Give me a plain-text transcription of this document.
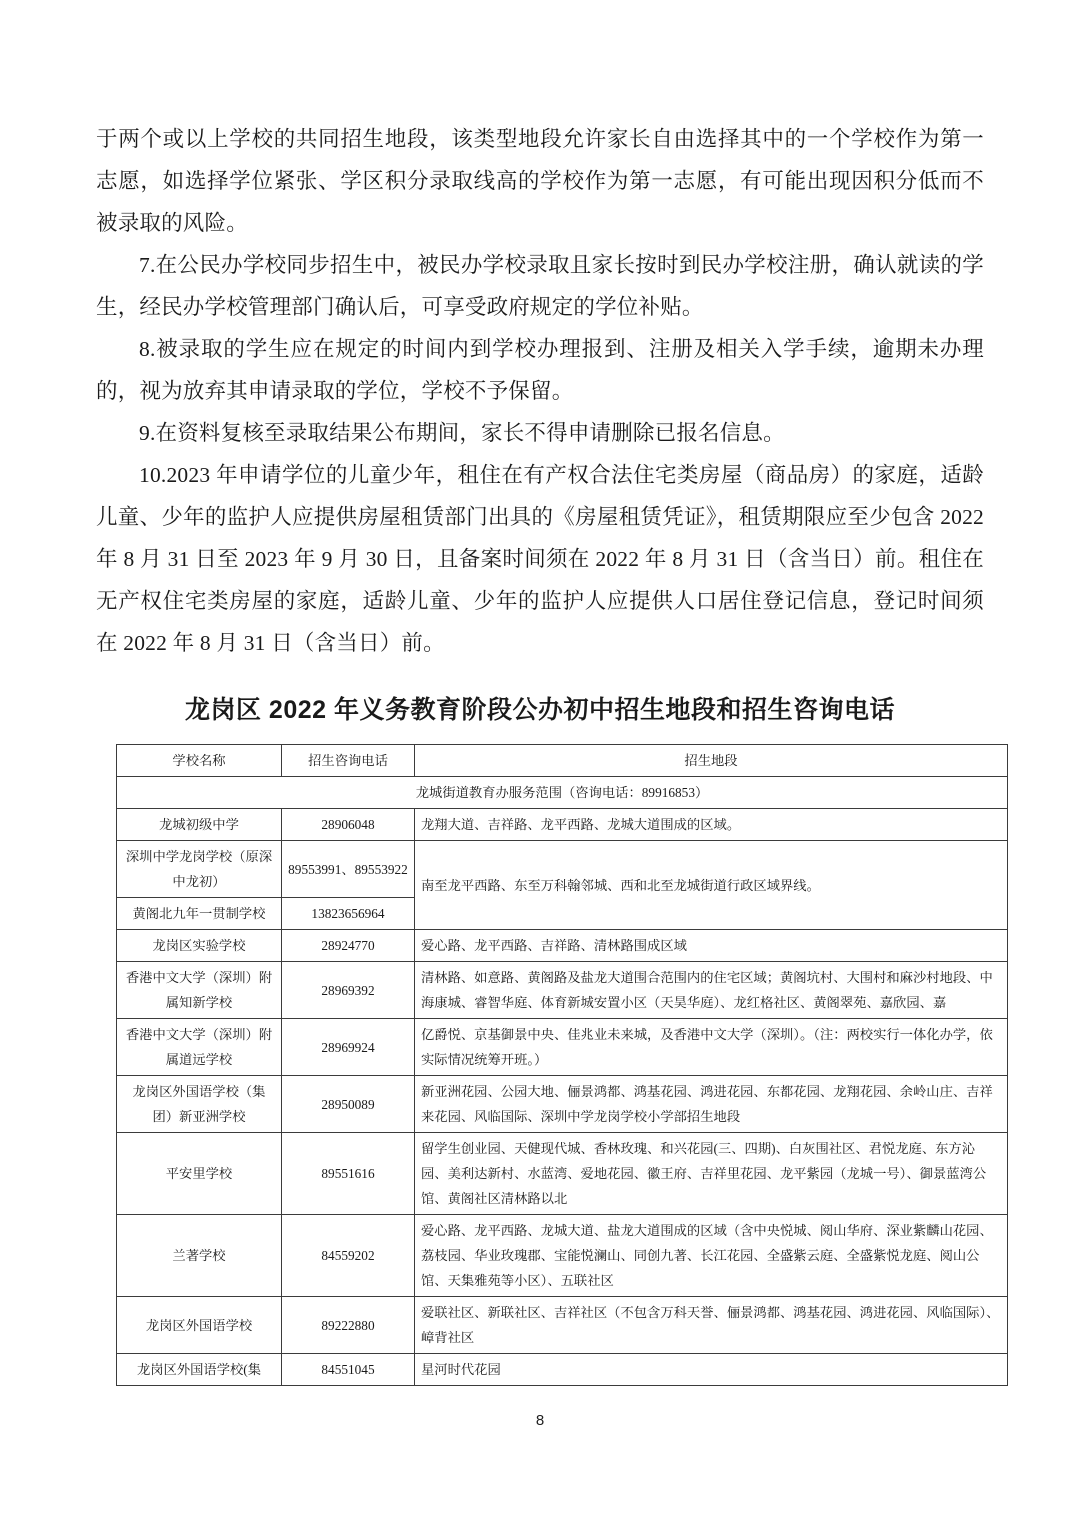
于两个或以上学校的共同招生地段，该类型地段允许家长自由选择其中的一个学校作为第一志愿，如选择学位紧张、学区积分录取线高的学校作为第一志愿，有可能出现因积分低而不被录取的风险。

7.在公民办学校同步招生中，被民办学校录取且家长按时到民办学校注册，确认就读的学生，经民办学校管理部门确认后，可享受政府规定的学位补贴。

8.被录取的学生应在规定的时间内到学校办理报到、注册及相关入学手续，逾期未办理的，视为放弃其申请录取的学位，学校不予保留。

9.在资料复核至录取结果公布期间，家长不得申请删除已报名信息。

10.2023 年申请学位的儿童少年，租住在有产权合法住宅类房屋（商品房）的家庭，适龄儿童、少年的监护人应提供房屋租赁部门出具的《房屋租赁凭证》，租赁期限应至少包含 2022 年 8 月 31 日至 2023 年 9 月 30 日，且备案时间须在 2022 年 8 月 31 日（含当日）前。租住在无产权住宅类房屋的家庭，适龄儿童、少年的监护人应提供人口居住登记信息，登记时间须在 2022 年 8 月 31 日（含当日）前。

龙岗区 2022 年义务教育阶段公办初中招生地段和招生咨询电话
学校名称	招生咨询电话	招生地段
龙城街道教育办服务范围（咨询电话：89916853）		
龙城初级中学	28906048	龙翔大道、吉祥路、龙平西路、龙城大道围成的区域。
深圳中学龙岗学校（原深中龙初）	89553991、89553922	南至龙平西路、东至万科翰邻城、西和北至龙城街道行政区域界线。
黄阁北九年一贯制学校	13823656964	
龙岗区实验学校	28924770	爱心路、龙平西路、吉祥路、清林路围成区域
香港中文大学（深圳）附属知新学校	28969392	清林路、如意路、黄阁路及盐龙大道围合范围内的住宅区域；黄阁坑村、大围村和麻沙村地段、中海康城、睿智华庭、体育新城安置小区（天昊华庭）、龙红格社区、黄阁翠苑、嘉欣园、嘉
香港中文大学（深圳）附属道远学校	28969924	亿爵悦、京基御景中央、佳兆业未来城，及香港中文大学（深圳）。（注：两校实行一体化办学，依实际情况统筹开班。）
龙岗区外国语学校（集团）新亚洲学校	28950089	新亚洲花园、公园大地、俪景鸿都、鸿基花园、鸿进花园、东都花园、龙翔花园、余岭山庄、吉祥来花园、风临国际、深圳中学龙岗学校小学部招生地段
平安里学校	89551616	留学生创业园、天健现代城、香林玫瑰、和兴花园(三、四期)、白灰围社区、君悦龙庭、东方沁园、美利达新村、水蓝湾、爱地花园、徽王府、吉祥里花园、龙平紫园（龙城一号）、御景蓝湾公馆、黄阁社区清林路以北
兰著学校	84559202	爱心路、龙平西路、龙城大道、盐龙大道围成的区域（含中央悦城、阅山华府、深业紫麟山花园、荔枝园、华业玫瑰郡、宝能悦澜山、同创九著、长江花园、全盛紫云庭、全盛紫悦龙庭、阅山公馆、天集雅苑等小区）、五联社区
龙岗区外国语学校	89222880	爱联社区、新联社区、吉祥社区（不包含万科天誉、俪景鸿都、鸿基花园、鸿进花园、风临国际）、嶂背社区
龙岗区外国语学校(集	84551045	星河时代花园
8
